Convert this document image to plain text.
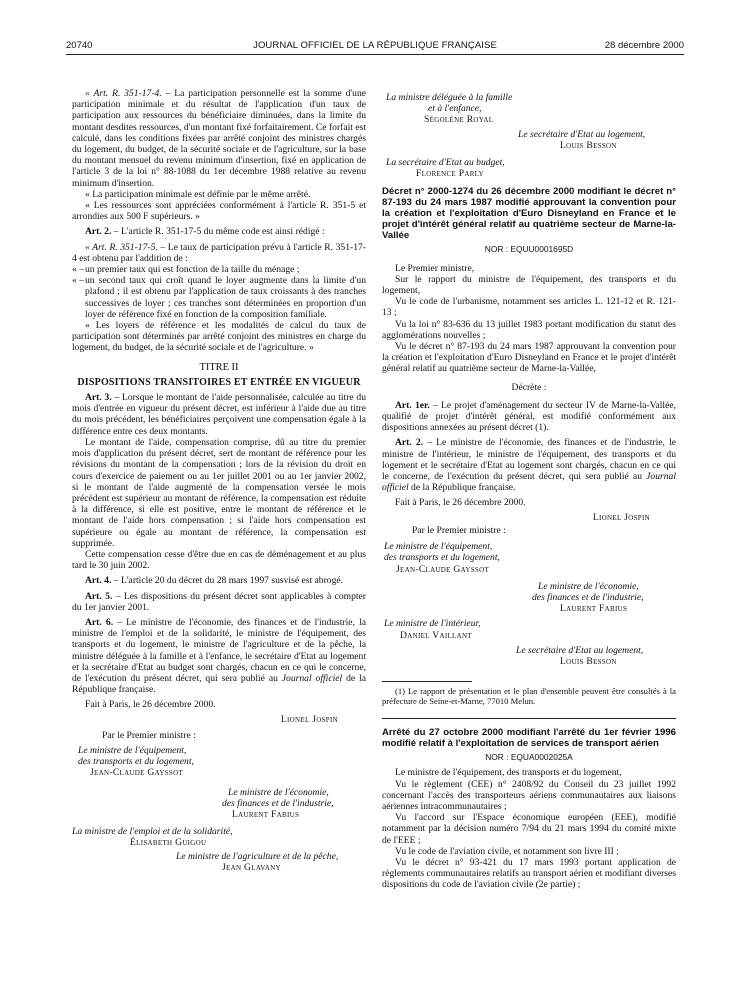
20740	JOURNAL OFFICIEL DE LA RÉPUBLIQUE FRANÇAISE	28 décembre 2000

« Art. R. 351-17-4. – La participation personnelle est la somme d'une participation minimale et du résultat de l'application d'un taux de participation aux ressources du bénéficiaire diminuées, dans la limite du montant desdites ressources, d'un montant fixé forfaitairement. Ce forfait est calculé, dans les conditions fixées par arrêté conjoint des ministres chargés du logement, du budget, de la sécurité sociale et de l'agriculture, sur la base du montant mensuel du revenu minimum d'insertion, fixé en application de l'article 3 de la loi n° 88-1088 du 1er décembre 1988 relative au revenu minimum d'insertion.

« La participation minimale est définie par le même arrêté.

« Les ressources sont appréciées conformément à l'article R. 351-5 et arrondies aux 500 F supérieurs. »

Art. 2. – L'article R. 351-17-5 du même code est ainsi rédigé :

« Art. R. 351-17-5. – Le taux de participation prévu à l'article R. 351-17-4 est obtenu par l'addition de :

« – un premier taux qui est fonction de la taille du ménage ;
« – un second taux qui croît quand le loyer augmente dans la limite d'un plafond ; il est obtenu par l'application de taux croissants à des tranches successives de loyer ; ces tranches sont déterminées en proportion d'un loyer de référence fixé en fonction de la composition familiale.

« Les loyers de référence et les modalités de calcul du taux de participation sont déterminés par arrêté conjoint des ministres en charge du logement, du budget, de la sécurité sociale et de l'agriculture. »

TITRE II

DISPOSITIONS TRANSITOIRES ET ENTRÉE EN VIGUEUR

Art. 3. – Lorsque le montant de l'aide personnalisée, calculée au titre du mois d'entrée en vigueur du présent décret, est inférieur à l'aide due au titre du mois précédent, les bénéficiaires perçoivent une compensation égale à la différence entre ces deux montants.

Le montant de l'aide, compensation comprise, dû au titre du premier mois d'application du présent décret, sert de montant de référence pour les révisions du montant de la compensation ; lors de la révision du droit en cours d'exercice de paiement ou au 1er juillet 2001 ou au 1er janvier 2002, si le montant de l'aide augmenté de la compensation versée le mois précédent est supérieur au montant de référence, la compensation est réduite à la différence, si elle est positive, entre le montant de référence et le montant de l'aide hors compensation ; si l'aide hors compensation est supérieure ou égale au montant de référence, la compensation est supprimée.

Cette compensation cesse d'être due en cas de déménagement et au plus tard le 30 juin 2002.

Art. 4. – L'article 20 du décret du 28 mars 1997 susvisé est abrogé.

Art. 5. – Les dispositions du présent décret sont applicables à compter du 1er janvier 2001.

Art. 6. – Le ministre de l'économie, des finances et de l'industrie, la ministre de l'emploi et de la solidarité, le ministre de l'équipement, des transports et du logement, le ministre de l'agriculture et de la pêche, la ministre déléguée à la famille et à l'enfance, le secrétaire d'Etat au logement et la secrétaire d'Etat au budget sont chargés, chacun en ce qui le concerne, de l'exécution du présent décret, qui sera publié au Journal officiel de la République française.

Fait à Paris, le 26 décembre 2000.

Lionel Jospin
Par le Premier ministre :
Le ministre de l'équipement,
des transports et du logement,
Jean-Claude Gayssot
Le ministre de l'économie,
des finances et de l'industrie,
Laurent Fabius
La ministre de l'emploi et de la solidarité,
Élisabeth Guigou
Le ministre de l'agriculture et de la pêche,
Jean Glavany
La ministre déléguée à la famille
et à l'enfance,
Ségolène Royal
Le secrétaire d'Etat au logement,
Louis Besson
La secrétaire d'Etat au budget,
Florence Parly

Décret n° 2000-1274 du 26 décembre 2000 modifiant le décret n° 87-193 du 24 mars 1987 modifié approuvant la convention pour la création et l'exploitation d'Euro Disneyland en France et le projet d'intérêt général relatif au quatrième secteur de Marne-la-Vallée

NOR : EQUU0001695D

Le Premier ministre,

Sur le rapport du ministre de l'équipement, des transports et du logement,

Vu le code de l'urbanisme, notamment ses articles L. 121-12 et R. 121-13 ;

Vu la loi n° 83-636 du 13 juillet 1983 portant modification du statut des agglomérations nouvelles ;

Vu le décret n° 87-193 du 24 mars 1987 approuvant la convention pour la création et l'exploitation d'Euro Disneyland en France et le projet d'intérêt général relatif au quatrième secteur de Marne-la-Vallée,

Décrète :

Art. 1er. – Le projet d'aménagement du secteur IV de Marne-la-Vallée, qualifié de projet d'intérêt général, est modifié conformément aux dispositions annexées au présent décret (1).

Art. 2. – Le ministre de l'économie, des finances et de l'industrie, le ministre de l'intérieur, le ministre de l'équipement, des transports et du logement et le secrétaire d'Etat au logement sont chargés, chacun en ce qui le concerne, de l'exécution du présent décret, qui sera publié au Journal officiel de la République française.

Fait à Paris, le 26 décembre 2000.

Lionel Jospin
Par le Premier ministre :
Le ministre de l'équipement,
des transports et du logement,
Jean-Claude Gayssot
Le ministre de l'économie,
des finances et de l'industrie,
Laurent Fabius
Le ministre de l'intérieur,
Daniel Vaillant
Le secrétaire d'Etat au logement,
Louis Besson

(1) Le rapport de présentation et le plan d'ensemble peuvent être consultés à la préfecture de Seine-et-Marne, 77010 Melun.

Arrêté du 27 octobre 2000 modifiant l'arrêté du 1er février 1996 modifié relatif à l'exploitation de services de transport aérien

NOR : EQUA0002025A

Le ministre de l'équipement, des transports et du logement,

Vu le règlement (CEE) n° 2408/92 du Conseil du 23 juillet 1992 concernant l'accès des transporteurs aériens communautaires aux liaisons aériennes intracommunautaires ;

Vu l'accord sur l'Espace économique européen (EEE), modifié notamment par la décision numéro 7/94 du 21 mars 1994 du comité mixte de l'EEE ;

Vu le code de l'aviation civile, et notamment son livre III ;

Vu le décret n° 93-421 du 17 mars 1993 portant application de règlements communautaires relatifs au transport aérien et modifiant diverses dispositions du code de l'aviation civile (2e partie) ;
